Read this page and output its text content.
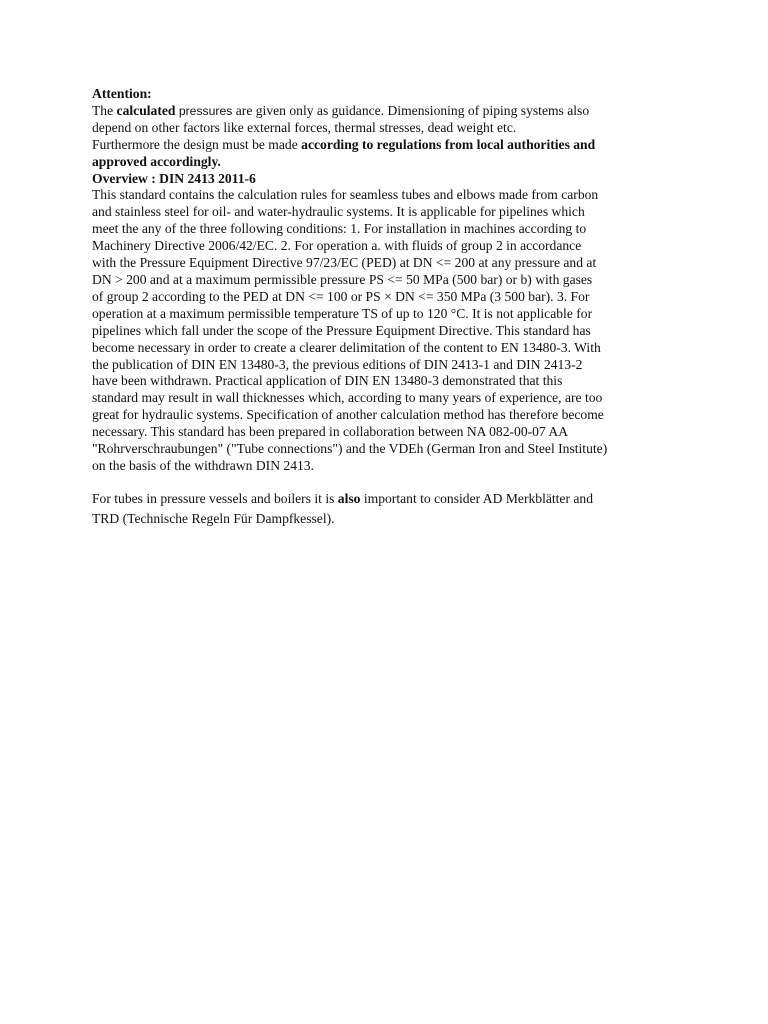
Attention:
The calculated pressures are given only as guidance. Dimensioning of piping systems also
depend on other factors like external forces, thermal stresses, dead weight etc.
Furthermore the design must be made according to regulations from local authorities and
approved accordingly.
Overview : DIN 2413 2011-6
This standard contains the calculation rules for seamless tubes and elbows made from carbon
and stainless steel for oil- and water-hydraulic systems. It is applicable for pipelines which
meet the any of the three following conditions: 1. For installation in machines according to
Machinery Directive 2006/42/EC. 2. For operation a. with fluids of group 2 in accordance
with the Pressure Equipment Directive 97/23/EC (PED) at DN <= 200 at any pressure and at
DN > 200 and at a maximum permissible pressure PS <= 50 MPa (500 bar) or b) with gases
of group 2 according to the PED at DN <= 100 or PS × DN <= 350 MPa (3 500 bar). 3. For
operation at a maximum permissible temperature TS of up to 120 °C. It is not applicable for
pipelines which fall under the scope of the Pressure Equipment Directive. This standard has
become necessary in order to create a clearer delimitation of the content to EN 13480-3. With
the publication of DIN EN 13480-3, the previous editions of DIN 2413-1 and DIN 2413-2
have been withdrawn. Practical application of DIN EN 13480-3 demonstrated that this
standard may result in wall thicknesses which, according to many years of experience, are too
great for hydraulic systems. Specification of another calculation method has therefore become
necessary. This standard has been prepared in collaboration between NA 082-00-07 AA
"Rohrverschraubungen" ("Tube connections") and the VDEh (German Iron and Steel Institute)
on the basis of the withdrawn DIN 2413.
For tubes in pressure vessels and boilers it is also important to consider AD Merkblätter and
TRD (Technische Regeln Für Dampfkessel).
